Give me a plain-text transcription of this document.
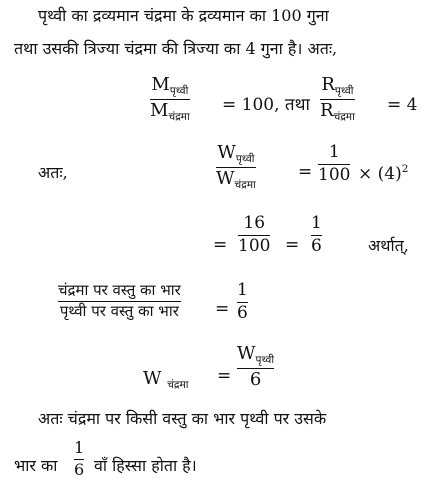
पृथ्वी का द्रव्यमान चंद्रमा के द्रव्यमान का 100 गुना
तथा उसकी त्रिज्या चंद्रमा की त्रिज्या का 4 गुना है। अतः,
$M_{पृथ्वी}$
$M_{चंद्रमा}$
= 100, तथा
$R_{पृथ्वी}$
$R_{चंद्रमा}$
= 4
अतः,
$W_{पृथ्वी}$
$W_{चंद्रमा}$
=
1
$100 \times (4)^2$
=
16
100 =
1
6	अर्थात्,
चंद्रमा पर वस्तु का भार
पृथ्वी पर वस्तु का भार =
1
6
W $_{चंद्रमा}$ =
$W_{पृथ्वी}$
6
अतः चंद्रमा पर किसी वस्तु का भार पृथ्वी पर उसके
भार का
1
6 वाँ हिस्सा होता है।
